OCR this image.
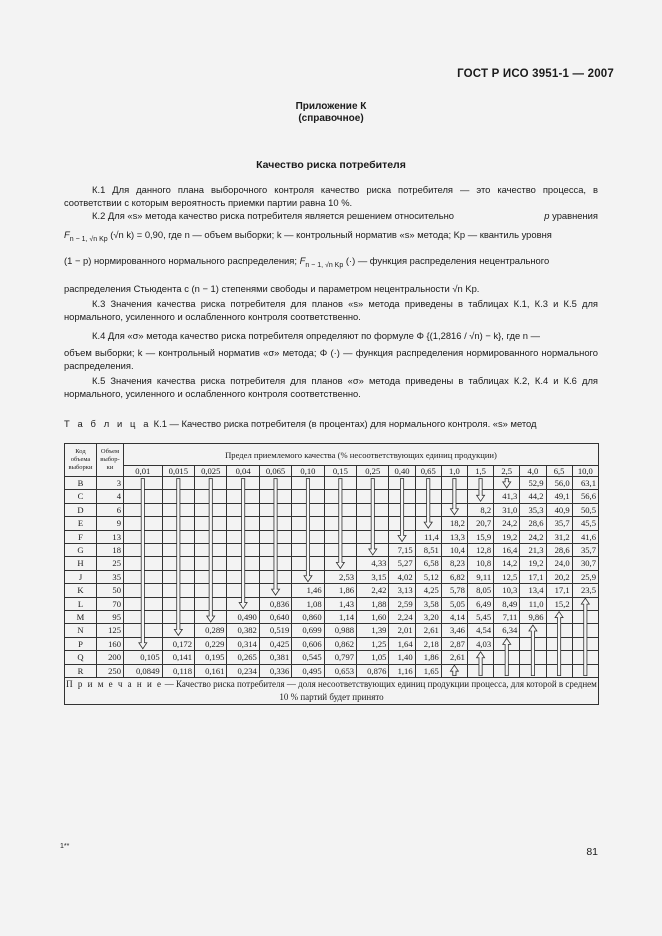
ГОСТ Р ИСО 3951-1 — 2007
Приложение К
(справочное)
Качество риска потребителя
К.1 Для данного плана выборочного контроля качество риска потребителя — это качество процесса, в соответствии с которым вероятность приемки партии равна 10 %.
К.2 Для «s» метода качество риска потребителя является решением относительно	p уравнения
$F_{n - 1, √n Kp}$ (√n k) = 0,90, где n — объем выборки; k — контрольный норматив «s» метода; Kp — квантиль уровня
(1 − p) нормированного нормального распределения; $F_{n - 1, √n Kp}$ (·) — функция распределения нецентрального
распределения Стьюдента с (n − 1) степенями свободы и параметром нецентральности √n Kp.
К.3 Значения качества риска потребителя для планов «s» метода приведены в таблицах К.1, К.3 и К.5 для нормального, усиленного и ослабленного контроля соответственно.
К.4 Для «σ» метода качество риска потребителя определяют по формуле Φ {(1,2816 / √n) − k}, где n —
объем выборки; k — контрольный норматив «σ» метода; Φ (·) — функция распределения нормированного нормального распределения.
К.5 Значения качества риска потребителя для планов «σ» метода приведены в таблицах К.2, К.4 и К.6 для нормального, усиленного и ослабленного контроля соответственно.
Т а б л и ц а К.1 — Качество риска потребителя (в процентах) для нормального контроля. «s» метод
Код объема выборки	Объем выбор-ки	Предел приемлемого качества (% несоответствующих единиц продукции)															
		0,01	0,015	0,025	0,04	0,065	0,10	0,15	0,25	0,40	0,65	1,0	1,5	2,5	4,0	6,5	10,0
B	3														52,9	56,0	63,1
C	4													41,3	44,2	49,1	56,6
D	6												8,2	31,0	35,3	40,9	50,5
E	9											18,2	20,7	24,2	28,6	35,7	45,5
F	13										11,4	13,3	15,9	19,2	24,2	31,2	41,6
G	18									7,15	8,51	10,4	12,8	16,4	21,3	28,6	35,7
H	25								4,33	5,27	6,58	8,23	10,8	14,2	19,2	24,0	30,7
J	35							2,53	3,15	4,02	5,12	6,82	9,11	12,5	17,1	20,2	25,9
K	50						1,46	1,86	2,42	3,13	4,25	5,78	8,05	10,3	13,4	17,1	23,5
L	70					0,836	1,08	1,43	1,88	2,59	3,58	5,05	6,49	8,49	11,0	15,2	
M	95				0,490	0,640	0,860	1,14	1,60	2,24	3,20	4,14	5,45	7,11	9,86		
N	125			0,289	0,382	0,519	0,699	0,988	1,39	2,01	2,61	3,46	4,54	6,34			
P	160		0,172	0,229	0,314	0,425	0,606	0,862	1,25	1,64	2,18	2,87	4,03				
Q	200	0,105	0,141	0,195	0,265	0,381	0,545	0,797	1,05	1,40	1,86	2,61					
R	250	0,0849	0,118	0,161	0,234	0,336	0,495	0,653	0,876	1,16	1,65						
П р и м е ч а н и е — Качество риска потребителя — доля несоответствующих единиц продукции процесса, для которой в среднем 10 % партий будет принято																	
1**	81
